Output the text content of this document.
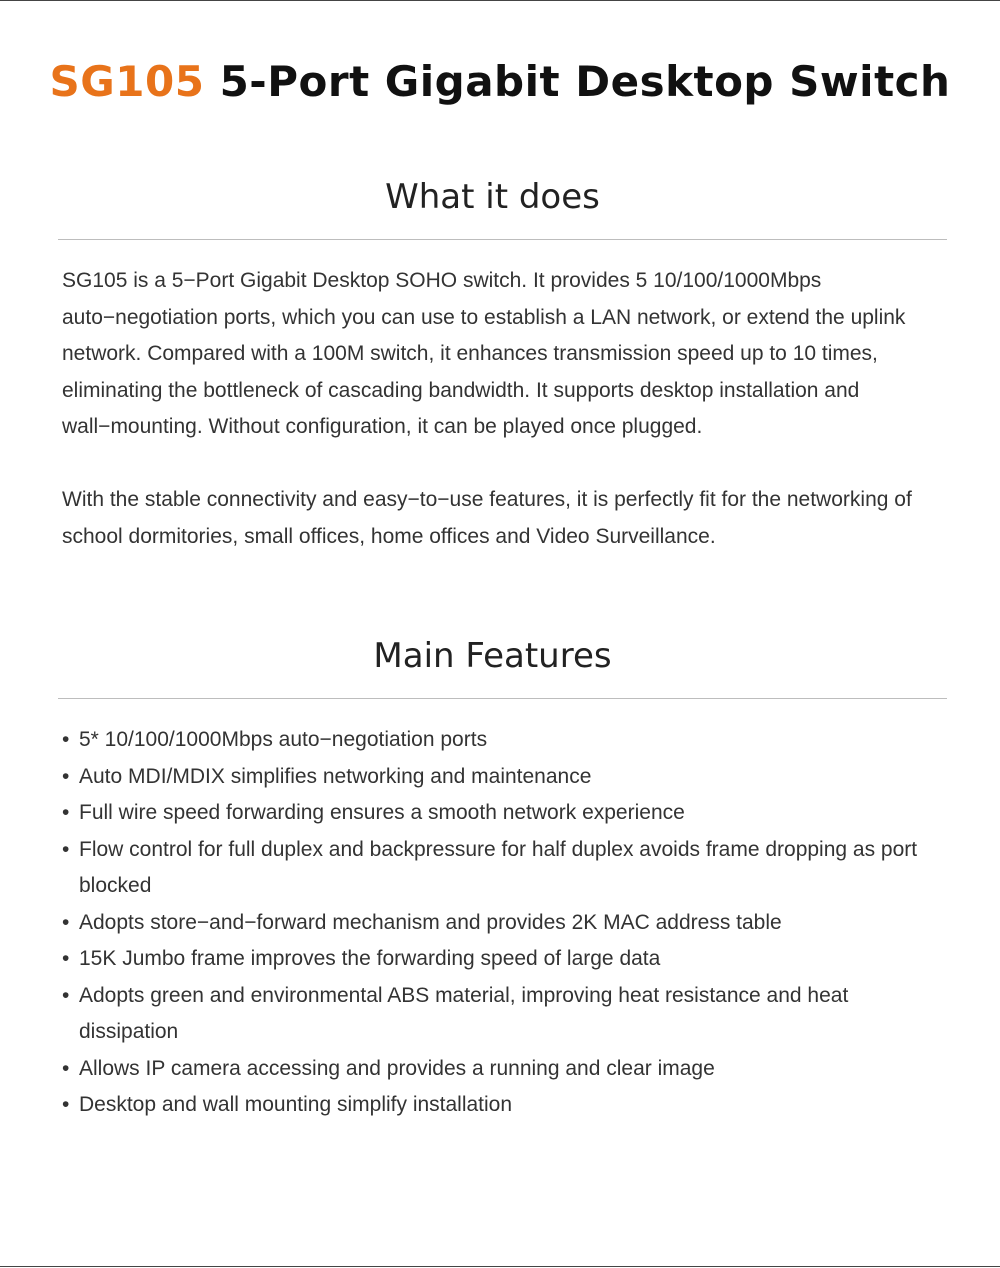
SG105 5-Port Gigabit Desktop Switch
What it does

SG105 is a 5−Port Gigabit Desktop SOHO switch. It provides 5 10/100/1000Mbps auto−negotiation ports, which you can use to establish a LAN network, or extend the uplink network. Compared with a 100M switch, it enhances transmission speed up to 10 times, eliminating the bottleneck of cascading bandwidth. It supports desktop installation and wall−mounting. Without configuration, it can be played once plugged.

With the stable connectivity and easy−to−use features, it is perfectly fit for the networking of school dormitories, small offices, home offices and Video Surveillance.

Main Features
• 5* 10/100/1000Mbps auto−negotiation ports
• Auto MDI/MDIX simplifies networking and maintenance
• Full wire speed forwarding ensures a smooth network experience
• Flow control for full duplex and backpressure for half duplex avoids frame dropping as port blocked
• Adopts store−and−forward mechanism and provides 2K MAC address table
• 15K Jumbo frame improves the forwarding speed of large data
• Adopts green and environmental ABS material, improving heat resistance and heat dissipation
• Allows IP camera accessing and provides a running and clear image
• Desktop and wall mounting simplify installation
